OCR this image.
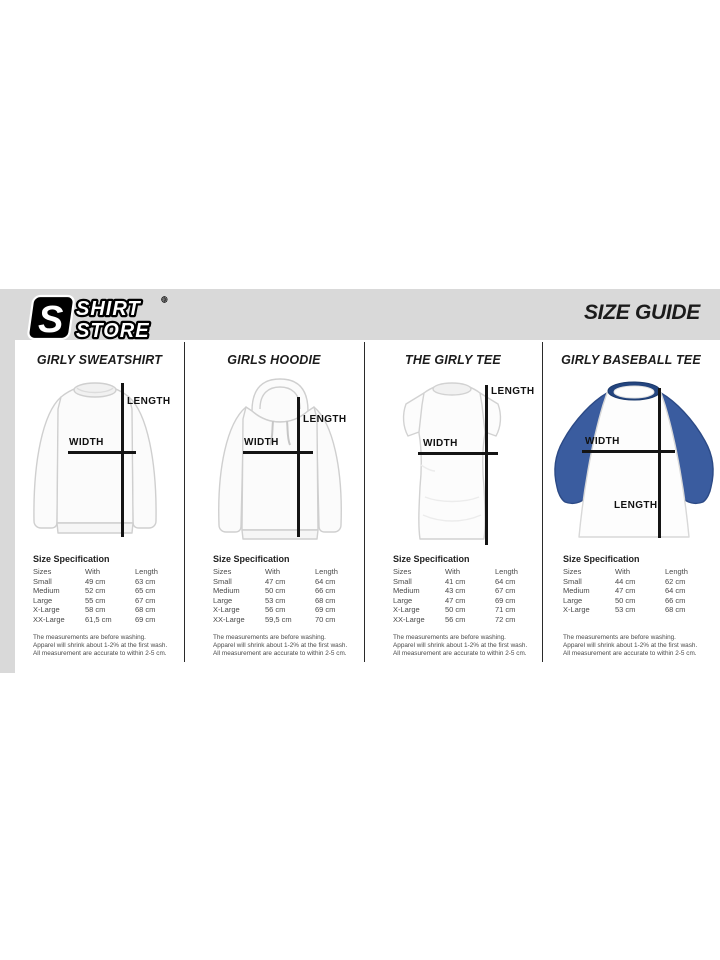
S SHIRT
STORE
®
SIZE GUIDE
GIRLY SWEATSHIRT
WIDTH
LENGTH
Size Specification
Sizes	With	Length
Small	49 cm	63 cm
Medium	52 cm	65 cm
Large	55 cm	67 cm
X-Large	58 cm	68 cm
XX-Large	61,5 cm	69 cm
The measurements are before washing.
Apparel will shrink about 1-2% at the first wash.
All measurement are accurate to within 2-5 cm.
GIRLS HOODIE
WIDTH
LENGTH
Size Specification
Sizes	With	Length
Small	47 cm	64 cm
Medium	50 cm	66 cm
Large	53 cm	68 cm
X-Large	56 cm	69 cm
XX-Large	59,5 cm	70 cm
The measurements are before washing.
Apparel will shrink about 1-2% at the first wash.
All measurement are accurate to within 2-5 cm.
THE GIRLY TEE
WIDTH
LENGTH
Size Specification
Sizes	With	Length
Small	41 cm	64 cm
Medium	43 cm	67 cm
Large	47 cm	69 cm
X-Large	50 cm	71 cm
XX-Large	56 cm	72 cm
The measurements are before washing.
Apparel will shrink about 1-2% at the first wash.
All measurement are accurate to within 2-5 cm.
GIRLY BASEBALL TEE
WIDTH
LENGTH
Size Specification
Sizes	With	Length
Small	44 cm	62 cm
Medium	47 cm	64 cm
Large	50 cm	66 cm
X-Large	53 cm	68 cm
The measurements are before washing.
Apparel will shrink about 1-2% at the first wash.
All measurement are accurate to within 2-5 cm.
